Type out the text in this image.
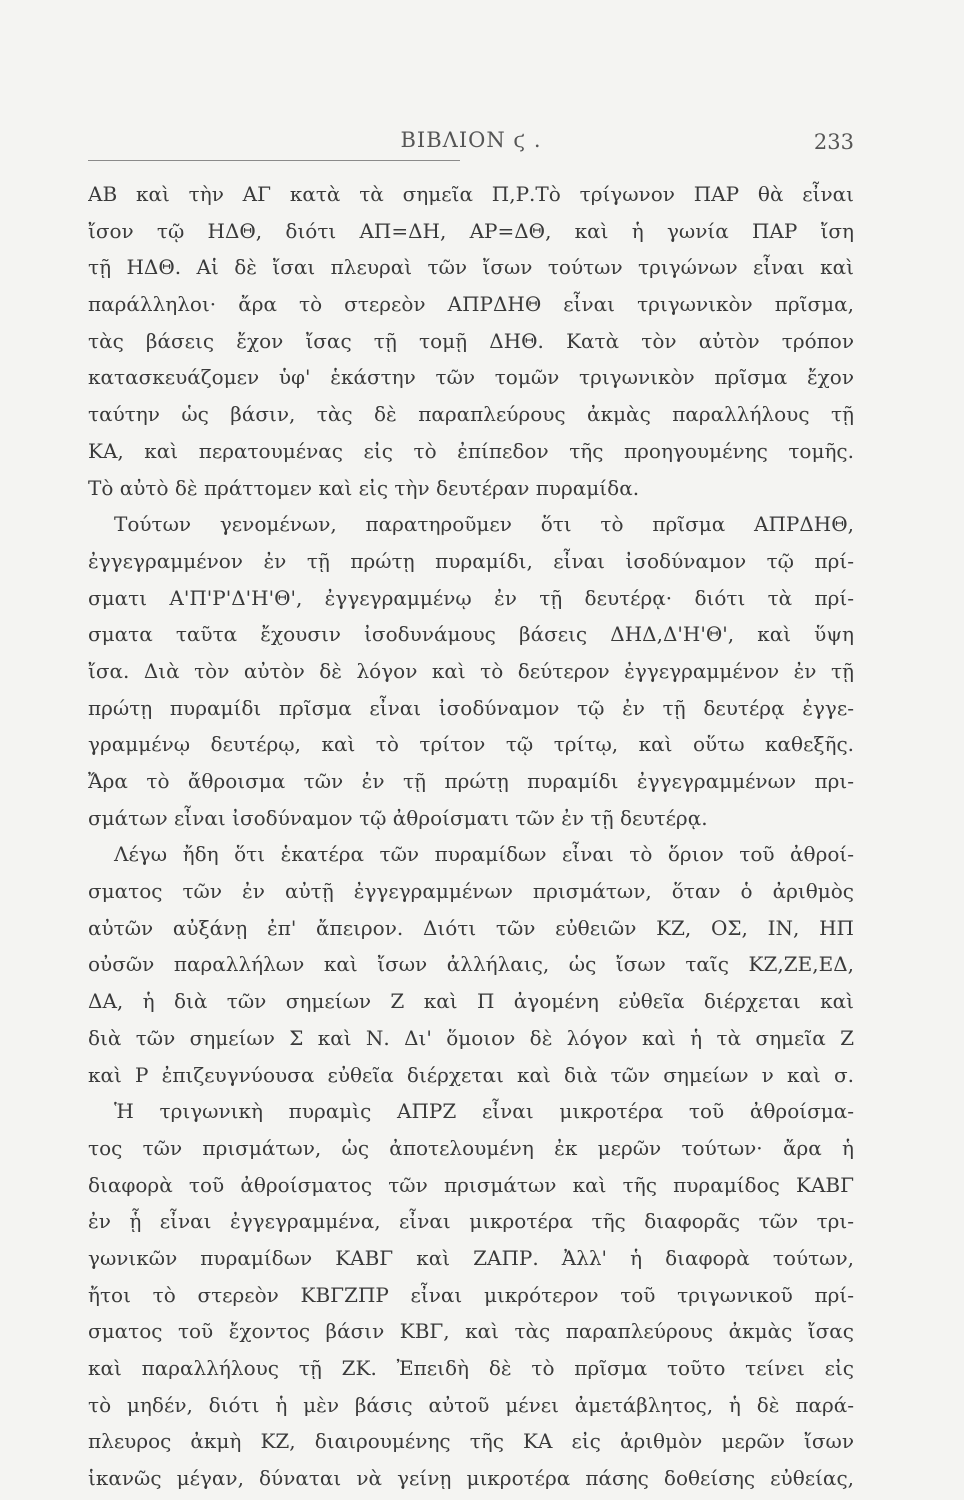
ΒΙΒΛΙΟΝ ϛ .	233
ΑΒ καὶ τὴν ΑΓ κατὰ τὰ σημεῖα Π,Ρ.Τὸ τρίγωνον ΠΑΡ θὰ εἶναι
ἴσον τῷ ΗΔΘ, διότι ΑΠ=ΔΗ, ΑΡ=ΔΘ, καὶ ἡ γωνία ΠΑΡ ἴση
τῇ ΗΔΘ. Αἱ δὲ ἴσαι πλευραὶ τῶν ἴσων τούτων τριγώνων εἶναι καὶ
παράλληλοι· ἄρα τὸ στερεὸν ΑΠΡΔΗΘ εἶναι τριγωνικὸν πρῖσμα,
τὰς βάσεις ἔχον ἴσας τῇ τομῇ ΔΗΘ. Κατὰ τὸν αὐτὸν τρόπον
κατασκευάζομεν ὑφ' ἑκάστην τῶν τομῶν τριγωνικὸν πρῖσμα ἔχον
ταύτην ὡς βάσιν, τὰς δὲ παραπλεύρους ἀκμὰς παραλλήλους τῇ
ΚΑ, καὶ περατουμένας εἰς τὸ ἐπίπεδον τῆς προηγουμένης τομῆς.
Τὸ αὐτὸ δὲ πράττομεν καὶ εἰς τὴν δευτέραν πυραμίδα.
Τούτων γενομένων, παρατηροῦμεν ὅτι τὸ πρῖσμα ΑΠΡΔΗΘ,
ἐγγεγραμμένον ἐν τῇ πρώτῃ πυραμίδι, εἶναι ἰσοδύναμον τῷ πρί-
σματι Α'Π'Ρ'Δ'Η'Θ', ἐγγεγραμμένῳ ἐν τῇ δευτέρᾳ· διότι τὰ πρί-
σματα ταῦτα ἔχουσιν ἰσοδυνάμους βάσεις ΔΗΔ,Δ'Η'Θ', καὶ ὕψη
ἴσα. Διὰ τὸν αὐτὸν δὲ λόγον καὶ τὸ δεύτερον ἐγγεγραμμένον ἐν τῇ
πρώτῃ πυραμίδι πρῖσμα εἶναι ἰσοδύναμον τῷ ἐν τῇ δευτέρᾳ ἐγγε-
γραμμένῳ δευτέρῳ, καὶ τὸ τρίτον τῷ τρίτῳ, καὶ οὕτω καθεξῆς.
Ἄρα τὸ ἄθροισμα τῶν ἐν τῇ πρώτῃ πυραμίδι ἐγγεγραμμένων πρι-
σμάτων εἶναι ἰσοδύναμον τῷ ἀθροίσματι τῶν ἐν τῇ δευτέρᾳ.
Λέγω ἤδη ὅτι ἑκατέρα τῶν πυραμίδων εἶναι τὸ ὅριον τοῦ ἀθροί-
σματος τῶν ἐν αὐτῇ ἐγγεγραμμένων πρισμάτων, ὅταν ὁ ἀριθμὸς
αὐτῶν αὐξάνῃ ἐπ' ἄπειρον. Διότι τῶν εὐθειῶν ΚΖ, ΟΣ, ΙΝ, ΗΠ
οὐσῶν παραλλήλων καὶ ἴσων ἀλλήλαις, ὡς ἴσων ταῖς ΚΖ,ΖΕ,ΕΔ,
ΔΑ, ἡ διὰ τῶν σημείων Ζ καὶ Π ἀγομένη εὐθεῖα διέρχεται καὶ
διὰ τῶν σημείων Σ καὶ Ν. Δι' ὅμοιον δὲ λόγον καὶ ἡ τὰ σημεῖα Ζ
καὶ Ρ ἐπιζευγνύουσα εὐθεῖα διέρχεται καὶ διὰ τῶν σημείων ν καὶ σ.
Ἡ τριγωνικὴ πυραμὶς ΑΠΡΖ εἶναι μικροτέρα τοῦ ἀθροίσμα-
τος τῶν πρισμάτων, ὡς ἀποτελουμένη ἐκ μερῶν τούτων· ἄρα ἡ
διαφορὰ τοῦ ἀθροίσματος τῶν πρισμάτων καὶ τῆς πυραμίδος ΚΑΒΓ
ἐν ᾗ εἶναι ἐγγεγραμμένα, εἶναι μικροτέρα τῆς διαφορᾶς τῶν τρι-
γωνικῶν πυραμίδων ΚΑΒΓ καὶ ΖΑΠΡ. Ἀλλ' ἡ διαφορὰ τούτων,
ἤτοι τὸ στερεὸν ΚΒΓΖΠΡ εἶναι μικρότερον τοῦ τριγωνικοῦ πρί-
σματος τοῦ ἔχοντος βάσιν ΚΒΓ, καὶ τὰς παραπλεύρους ἀκμὰς ἴσας
καὶ παραλλήλους τῇ ΖΚ. Ἐπειδὴ δὲ τὸ πρῖσμα τοῦτο τείνει εἰς
τὸ μηδέν, διότι ἡ μὲν βάσις αὐτοῦ μένει ἀμετάβλητος, ἡ δὲ παρά-
πλευρος ἀκμὴ ΚΖ, διαιρουμένης τῆς ΚΑ εἰς ἀριθμὸν μερῶν ἴσων
ἱκανῶς μέγαν, δύναται νὰ γείνῃ μικροτέρα πάσης δοθείσης εὐθείας,
